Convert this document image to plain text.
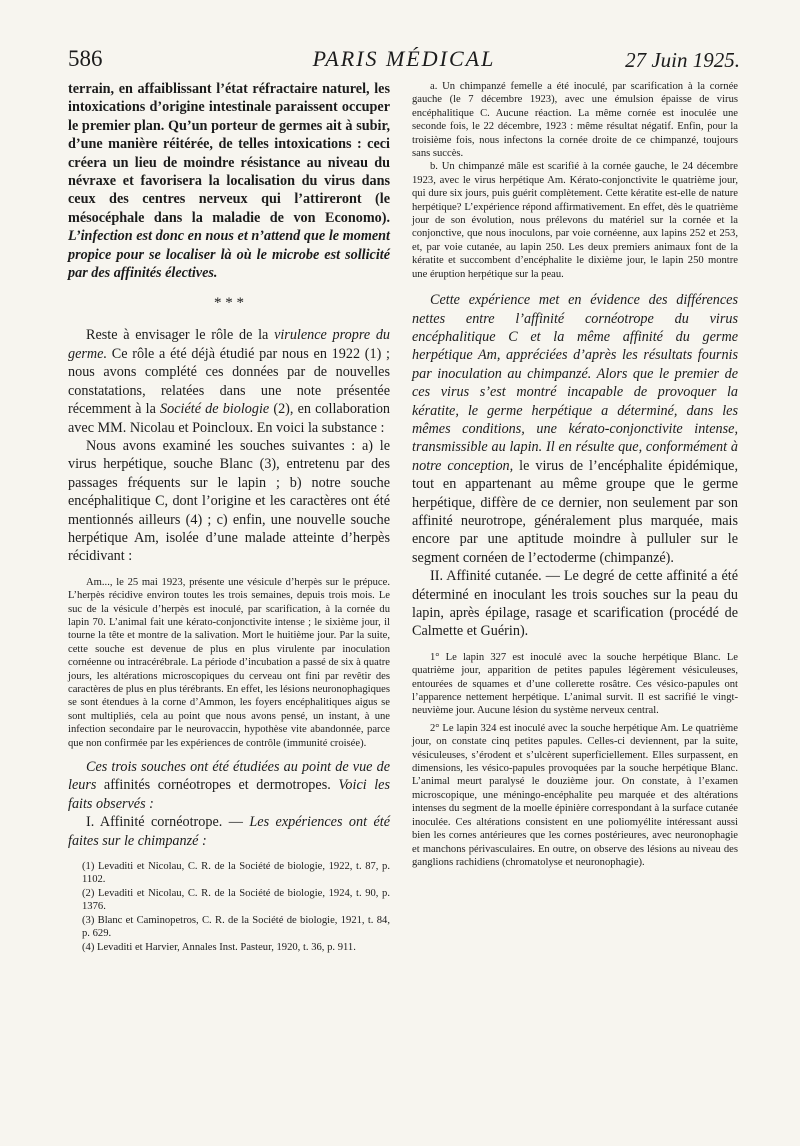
586	PARIS MÉDICAL	27 Juin 1925.

terrain, en affaiblissant l’état réfractaire naturel, les intoxications d’origine intestinale paraissent occuper le premier plan. Qu’un porteur de germes ait à subir, d’une manière réitérée, de telles intoxications : ceci créera un lieu de moindre résistance au niveau du névraxe et favorisera la localisation du virus dans ceux des centres nerveux qui l’attireront (le mésocéphale dans la maladie de von Economo). L’infection est donc en nous et n’attend que le moment propice pour se localiser là où le microbe est sollicité par des affinités électives.

* * *

Reste à envisager le rôle de la virulence propre du germe. Ce rôle a été déjà étudié par nous en 1922 (1) ; nous avons complété ces données par de nouvelles constatations, relatées dans une note présentée récemment à la Société de biologie (2), en collaboration avec MM. Nicolau et Poincloux. En voici la substance :

Nous avons examiné les souches suivantes : a) le virus herpétique, souche Blanc (3), entretenu par des passages fréquents sur le lapin ; b) notre souche encéphalitique C, dont l’origine et les caractères ont été mentionnés ailleurs (4) ; c) enfin, une nouvelle souche herpétique Am, isolée d’une malade atteinte d’herpès récidivant :

Am..., le 25 mai 1923, présente une vésicule d’herpès sur le prépuce. L’herpès récidive environ toutes les trois semaines, depuis trois mois. Le suc de la vésicule d’herpès est inoculé, par scarification, à la cornée du lapin 70. L’animal fait une kérato-conjonctivite intense ; le sixième jour, il tourne la tête et montre de la salivation. Mort le huitième jour. Par la suite, cette souche est devenue de plus en plus virulente par inoculation cornéenne ou intracérébrale. La période d’incubation a passé de six à quatre jours, les altérations microscopiques du cerveau ont fini par revêtir des caractères de plus en plus térébrants. En effet, les lésions neuronophagiques se sont étendues à la corne d’Ammon, les foyers encéphalitiques aigus se sont multipliés, cela au point que nous avons pensé, un instant, à une infection secondaire par le neurovaccin, hypothèse vite abandonnée, parce que non confirmée par les expériences de contrôle (immunité croisée).

Ces trois souches ont été étudiées au point de vue de leurs affinités cornéotropes et dermotropes. Voici les faits observés :

I. Affinité cornéotrope. — Les expériences ont été faites sur le chimpanzé :

(1) Levaditi et Nicolau, C. R. de la Société de biologie, 1922, t. 87, p. 1102.

(2) Levaditi et Nicolau, C. R. de la Société de biologie, 1924, t. 90, p. 1376.

(3) Blanc et Caminopetros, C. R. de la Société de biologie, 1921, t. 84, p. 629.

(4) Levaditi et Harvier, Annales Inst. Pasteur, 1920, t. 36, p. 911.

a. Un chimpanzé femelle a été inoculé, par scarification à la cornée gauche (le 7 décembre 1923), avec une émulsion épaisse de virus encéphalitique C. Aucune réaction. La même cornée est inoculée une seconde fois, le 22 décembre, 1923 : même résultat négatif. Enfin, pour la troisième fois, nous infectons la cornée droite de ce chimpanzé, toujours sans succès.

b. Un chimpanzé mâle est scarifié à la cornée gauche, le 24 décembre 1923, avec le virus herpétique Am. Kérato-conjonctivite le quatrième jour, qui dure six jours, puis guérit complètement. Cette kératite est-elle de nature herpétique? L’expérience répond affirmativement. En effet, dès le quatrième jour de son évolution, nous prélevons du matériel sur la cornée et la conjonctive, que nous inoculons, par voie cornéenne, aux lapins 252 et 253, et, par voie cutanée, au lapin 250. Les deux premiers animaux font de la kératite et succombent d’encéphalite le dixième jour, le lapin 250 montre une éruption herpétique sur la peau.

Cette expérience met en évidence des différences nettes entre l’affinité cornéotrope du virus encéphalitique C et la même affinité du germe herpétique Am, appréciées d’après les résultats fournis par inoculation au chimpanzé. Alors que le premier de ces virus s’est montré incapable de provoquer la kératite, le germe herpétique a déterminé, dans les mêmes conditions, une kérato-conjonctivite intense, transmissible au lapin. Il en résulte que, conformément à notre conception, le virus de l’encéphalite épidémique, tout en appartenant au même groupe que le germe herpétique, diffère de ce dernier, non seulement par son affinité neurotrope, généralement plus marquée, mais encore par une aptitude moindre à pulluler sur le segment cornéen de l’ectoderme (chimpanzé).

II. Affinité cutanée. — Le degré de cette affinité a été déterminé en inoculant les trois souches sur la peau du lapin, après épilage, rasage et scarification (procédé de Calmette et Guérin).

1° Le lapin 327 est inoculé avec la souche herpétique Blanc. Le quatrième jour, apparition de petites papules légèrement vésiculeuses, entourées de squames et d’une collerette rosâtre. Ces vésico-papules ont l’apparence nettement herpétique. L’animal survit. Il est sacrifié le vingt-neuvième jour. Aucune lésion du système nerveux central.

2° Le lapin 324 est inoculé avec la souche herpétique Am. Le quatrième jour, on constate cinq petites papules. Celles-ci deviennent, par la suite, vésiculeuses, s’érodent et s’ulcèrent superficiellement. Elles surpassent, en dimensions, les vésico-papules provoquées par la souche herpétique Blanc. L’animal meurt paralysé le douzième jour. On constate, à l’examen microscopique, une méningo-encéphalite peu marquée et des altérations intenses du segment de la moelle épinière correspondant à la surface cutanée inoculée. Ces altérations consistent en une poliomyélite intéressant aussi bien les cornes antérieures que les cornes postérieures, avec neuronophagie et manchons périvasculaires. En outre, on observe des lésions au niveau des ganglions rachidiens (chromatolyse et neuronophagie).
